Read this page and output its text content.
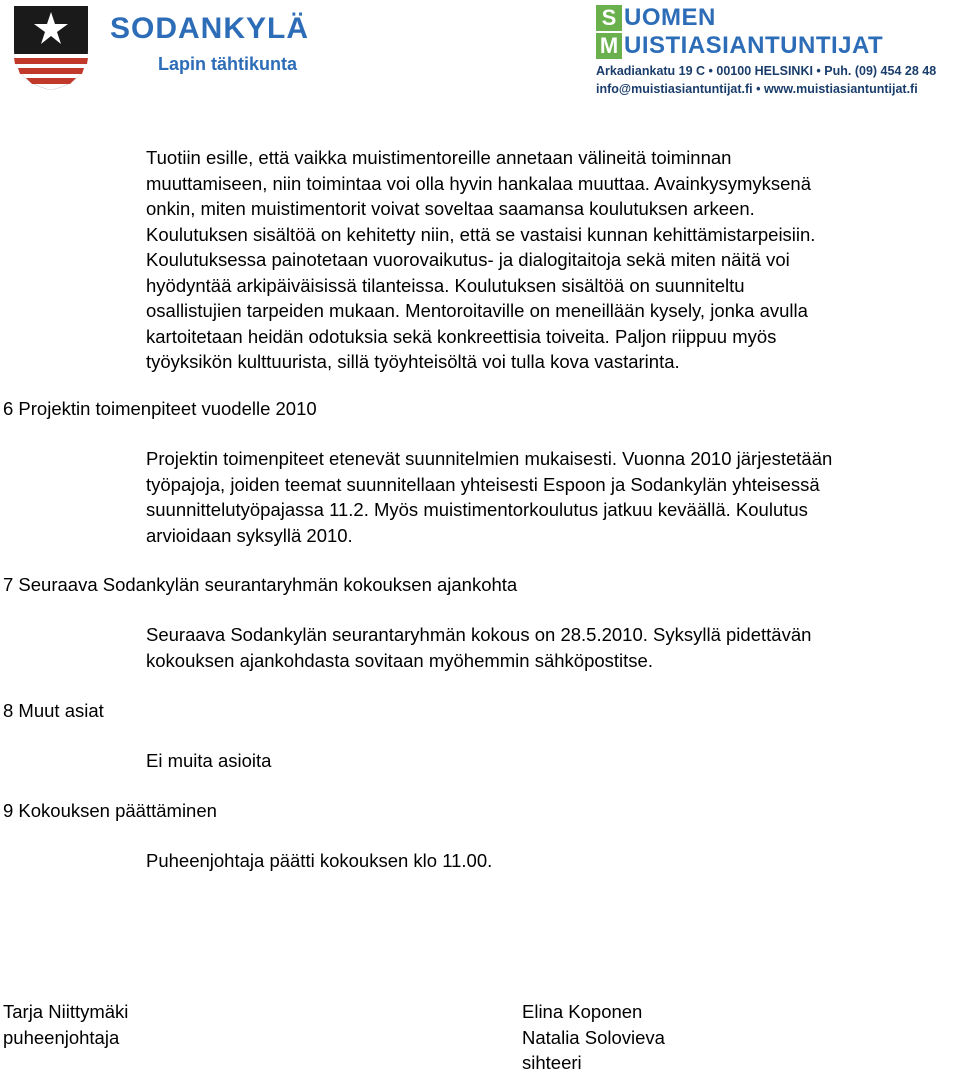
SODANKYLÄ
Lapin tähtikunta
S UOMEN
M UISTIASIANTUNTIJAT
Arkadiankatu 19 C • 00100 HELSINKI • Puh. (09) 454 28 48
info@muistiasiantuntijat.fi • www.muistiasiantuntijat.fi
Tuotiin esille, että vaikka muistimentoreille annetaan välineitä toiminnan
muuttamiseen, niin toimintaa voi olla hyvin hankalaa muuttaa. Avainkysymyksenä
onkin, miten muistimentorit voivat soveltaa saamansa koulutuksen arkeen.
Koulutuksen sisältöä on kehitetty niin, että se vastaisi kunnan kehittämistarpeisiin.
Koulutuksessa painotetaan vuorovaikutus- ja dialogitaitoja sekä miten näitä voi
hyödyntää arkipäiväisissä tilanteissa. Koulutuksen sisältöä on suunniteltu
osallistujien tarpeiden mukaan. Mentoroitaville on meneillään kysely, jonka avulla
kartoitetaan heidän odotuksia sekä konkreettisia toiveita. Paljon riippuu myös
työyksikön kulttuurista, sillä työyhteisöltä voi tulla kova vastarinta.
6 Projektin toimenpiteet vuodelle 2010
Projektin toimenpiteet etenevät suunnitelmien mukaisesti. Vuonna 2010 järjestetään
työpajoja, joiden teemat suunnitellaan yhteisesti Espoon ja Sodankylän yhteisessä
suunnittelutyöpajassa 11.2. Myös muistimentorkoulutus jatkuu keväällä. Koulutus
arvioidaan syksyllä 2010.
7 Seuraava Sodankylän seurantaryhmän kokouksen ajankohta
Seuraava Sodankylän seurantaryhmän kokous on 28.5.2010. Syksyllä pidettävän
kokouksen ajankohdasta sovitaan myöhemmin sähköpostitse.
8 Muut asiat
Ei muita asioita
9 Kokouksen päättäminen
Puheenjohtaja päätti kokouksen klo 11.00.
Tarja Niittymäki
puheenjohtaja
Elina Koponen
Natalia Solovieva
sihteeri
